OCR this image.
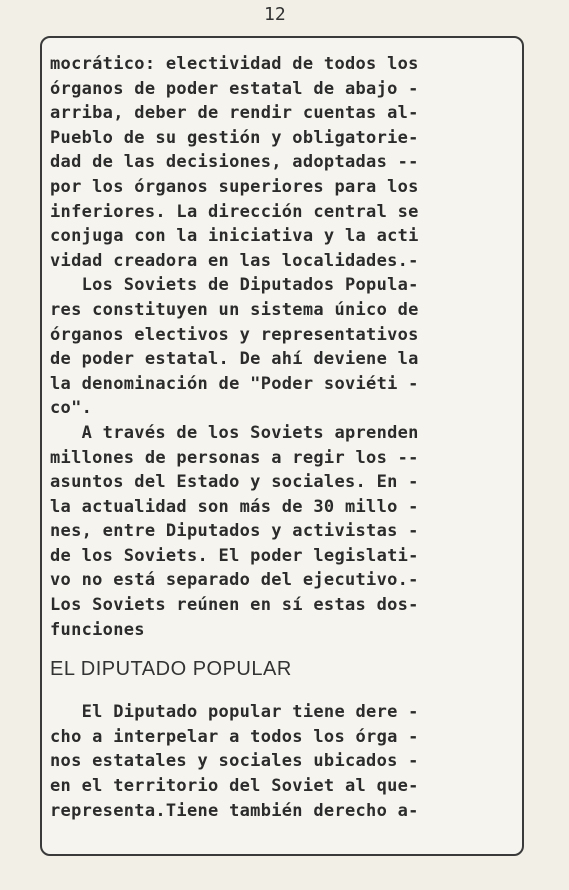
12
mocrático: electividad de todos los
órganos de poder estatal de abajo -
arriba, deber de rendir cuentas al-
Pueblo de su gestión y obligatorie-
dad de las decisiones, adoptadas --
por los órganos superiores para los
inferiores. La dirección central se
conjuga con la iniciativa y la acti
vidad creadora en las localidades.-
Los Soviets de Diputados Popula-
res constituyen un sistema único de
órganos electivos y representativos
de poder estatal. De ahí deviene la
la denominación de "Poder soviéti -
co".
A través de los Soviets aprenden
millones de personas a regir los --
asuntos del Estado y sociales. En -
la actualidad son más de 30 millo -
nes, entre Diputados y activistas -
de los Soviets. El poder legislati-
vo no está separado del ejecutivo.-
Los Soviets reúnen en sí estas dos-
funciones
EL DIPUTADO POPULAR
El Diputado popular tiene dere -
cho a interpelar a todos los órga -
nos estatales y sociales ubicados -
en el territorio del Soviet al que-
representa.Tiene también derecho a-
